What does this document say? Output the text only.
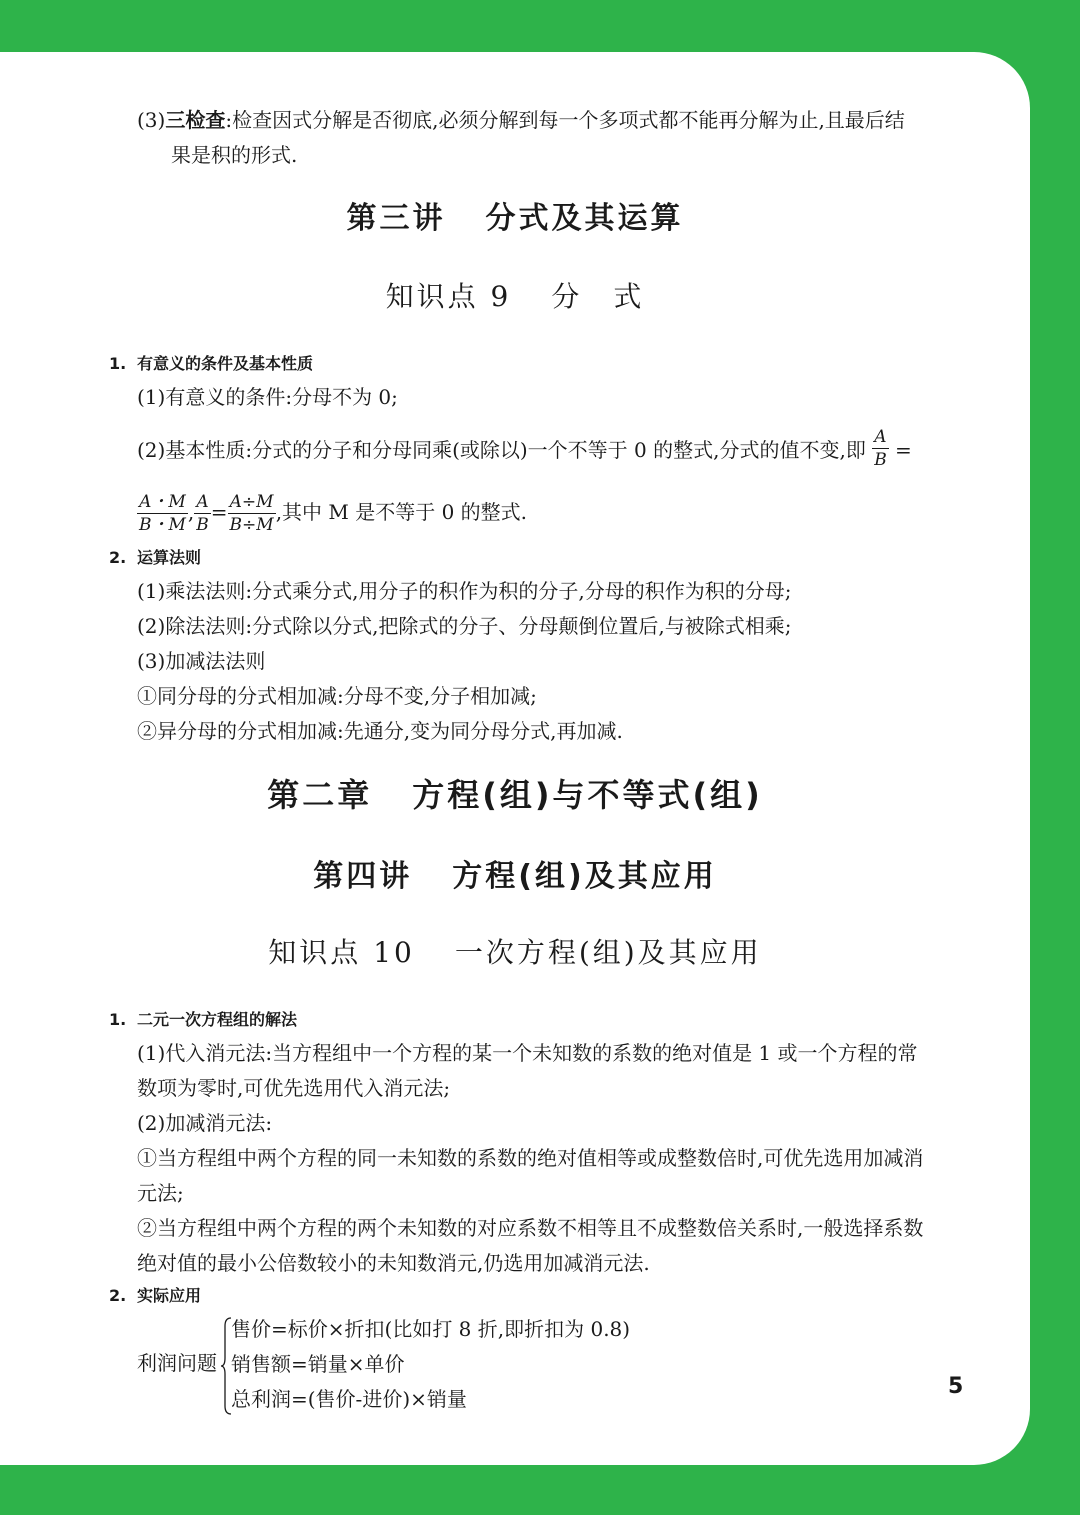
(3)三检查:检查因式分解是否彻底,必须分解到每一个多项式都不能再分解为止,且最后结
果是积的形式.
第三讲 分式及其运算
知识点 9 分　式
1. 有意义的条件及基本性质
(1)有意义的条件:分母不为 0;
(2)基本性质:分式的分子和分母同乘(或除以)一个不等于 0 的整式,分式的值不变,即 $\frac{A}{B}$ =
$\frac{A・M}{B・M}$ , $\frac{A}{B} = \frac{A\div M}{B\div M}$ ,其中 M 是不等于 0 的整式.
2. 运算法则
(1)乘法法则:分式乘分式,用分子的积作为积的分子,分母的积作为积的分母;
(2)除法法则:分式除以分式,把除式的分子、分母颠倒位置后,与被除式相乘;
(3)加减法法则
①同分母的分式相加减:分母不变,分子相加减;
②异分母的分式相加减:先通分,变为同分母分式,再加减.
第二章 方程(组)与不等式(组)
第四讲 方程(组)及其应用
知识点 10 一次方程(组)及其应用
1. 二元一次方程组的解法
(1)代入消元法:当方程组中一个方程的某一个未知数的系数的绝对值是 1 或一个方程的常
数项为零时,可优先选用代入消元法;
(2)加减消元法:
①当方程组中两个方程的同一未知数的系数的绝对值相等或成整数倍时,可优先选用加减消
元法;
②当方程组中两个方程的两个未知数的对应系数不相等且不成整数倍关系时,一般选择系数
绝对值的最小公倍数较小的未知数消元,仍选用加减消元法.
2. 实际应用
利润问题
售价=标价×折扣(比如打 8 折,即折扣为 0.8)
销售额=销量×单价
总利润=(售价-进价)×销量	5
